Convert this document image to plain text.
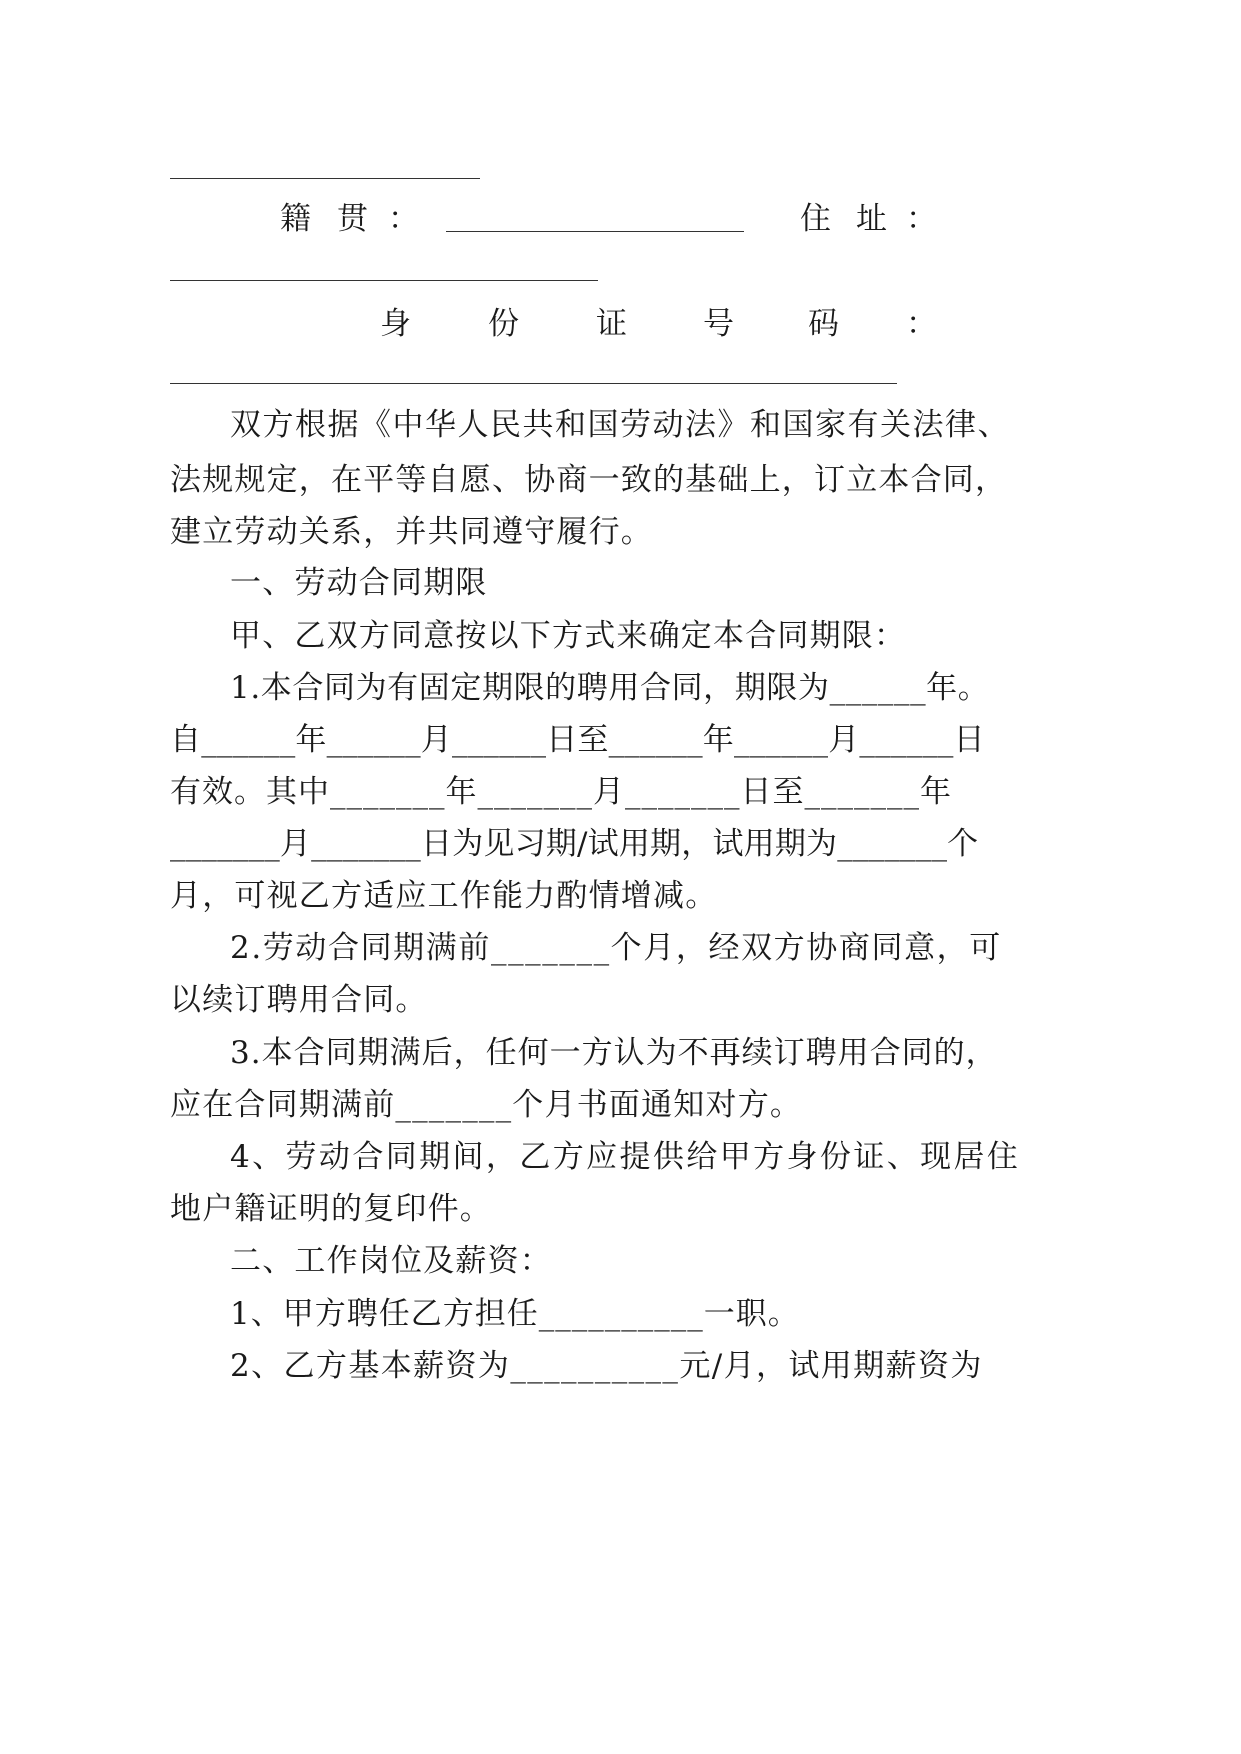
籍 贯 ：	住 址 ：
身 份 证 号 码 ：
双方根据《中华人民共和国劳动法》和国家有关法律、
法规规定，在平等自愿、协商一致的基础上，订立本合同，
建立劳动关系，并共同遵守履行。
一、劳动合同期限
甲、乙双方同意按以下方式来确定本合同期限：
1.本合同为有固定期限的聘用合同，期限为______年。
自______年______月______日至______年______月______日
有效。其中_______年_______月_______日至_______年
_______月_______日为见习期/试用期，试用期为_______个
月，可视乙方适应工作能力酌情增减。
2.劳动合同期满前_______个月，经双方协商同意，可
以续订聘用合同。
3.本合同期满后，任何一方认为不再续订聘用合同的，
应在合同期满前_______个月书面通知对方。
4、劳动合同期间，乙方应提供给甲方身份证、现居住
地户籍证明的复印件。
二、工作岗位及薪资：
1、甲方聘任乙方担任__________一职。
2、乙方基本薪资为__________元/月，试用期薪资为
